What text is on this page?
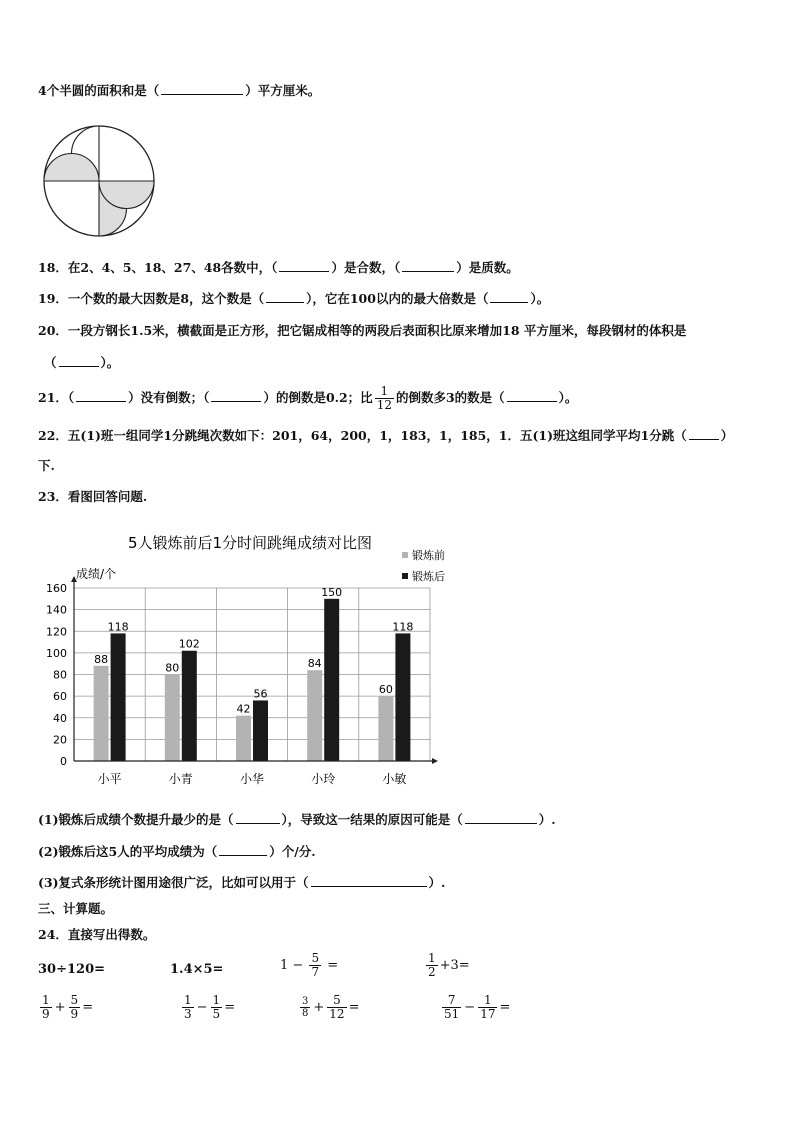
4个半圆的面积和是（	）平方厘米。
18．在2、4、5、18、27、48各数中，（	）是合数，（	）是质数。
19．一个数的最大因数是8，这个数是（	），它在100以内的最大倍数是（	）。
20．一段方钢长1.5米，横截面是正方形，把它锯成相等的两段后表面积比原来增加18 平方厘米，每段钢材的体积是
（	）。
21．（	）没有倒数；（	）的倒数是0.2；比 $\frac{1}{12}$ 的倒数多3的数是（	）。
22．五(1)班一组同学1分跳绳次数如下：201，64，200，1，183，1，185，1．五(1)班这组同学平均1分跳（	）
下.
23．看图回答问题.
5人锻炼前后1分时间跳绳成绩对比图
成绩/个
88
118
80
102
42
56
84
150
60
118
0
20
40
60
80
100
120
140
160
小平	小青	小华	小玲	小敏
锻炼前
锻炼后
(1)锻炼后成绩个数提升最少的是（	），导致这一结果的原因可能是（	）.
(2)锻炼后这5人的平均成绩为（	）个/分.
(3)复式条形统计图用途很广泛，比如可以用于（	）.
三、计算题。
24．直接写出得数。
30÷120=	1.4×5=	$1 - \frac{5}{7}$ =	$\frac{1}{2} +3=$
$\frac{1}{9} + \frac{5}{9}$ =	$\frac{1}{3} - \frac{1}{5}$ =	$\frac{3}{8} + \frac{5}{12}$ =	$\frac{7}{51} - \frac{1}{17}$ =
